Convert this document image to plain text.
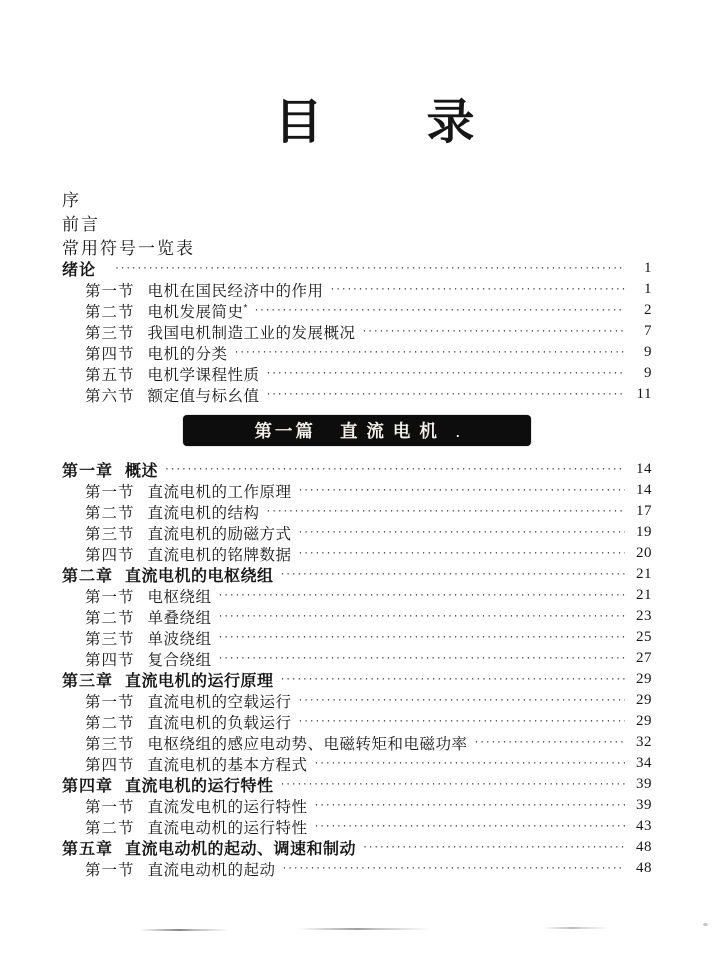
目 录
序
前言
常用符号一览表
绪论 ·····	1
第一节 电机在国民经济中的作用 ·····	1
第二节 电机发展简史* ·····	2
第三节 我国电机制造工业的发展概况 ·····	7
第四节 电机的分类 ·····	9
第五节 电机学课程性质 ·····	9
第六节 额定值与标幺值 ·····	11
第一篇 直流电机 .
第一章 概述 ·····	14
第一节 直流电机的工作原理 ·····	14
第二节 直流电机的结构 ·····	17
第三节 直流电机的励磁方式 ·····	19
第四节 直流电机的铭牌数据 ·····	20
第二章 直流电机的电枢绕组 ·····	21
第一节 电枢绕组 ·····	21
第二节 单叠绕组 ·····	23
第三节 单波绕组 ·····	25
第四节 复合绕组 ·····	27
第三章 直流电机的运行原理 ·····	29
第一节 直流电机的空载运行 ·····	29
第二节 直流电机的负载运行 ·····	29
第三节 电枢绕组的感应电动势、电磁转矩和电磁功率 ·····	32
第四节 直流电机的基本方程式 ·····	34
第四章 直流电机的运行特性 ·····	39
第一节 直流发电机的运行特性 ·····	39
第二节 直流电动机的运行特性 ·····	43
第五章 直流电动机的起动、调速和制动 ·····	48
第一节 直流电动机的起动 ·····	48
